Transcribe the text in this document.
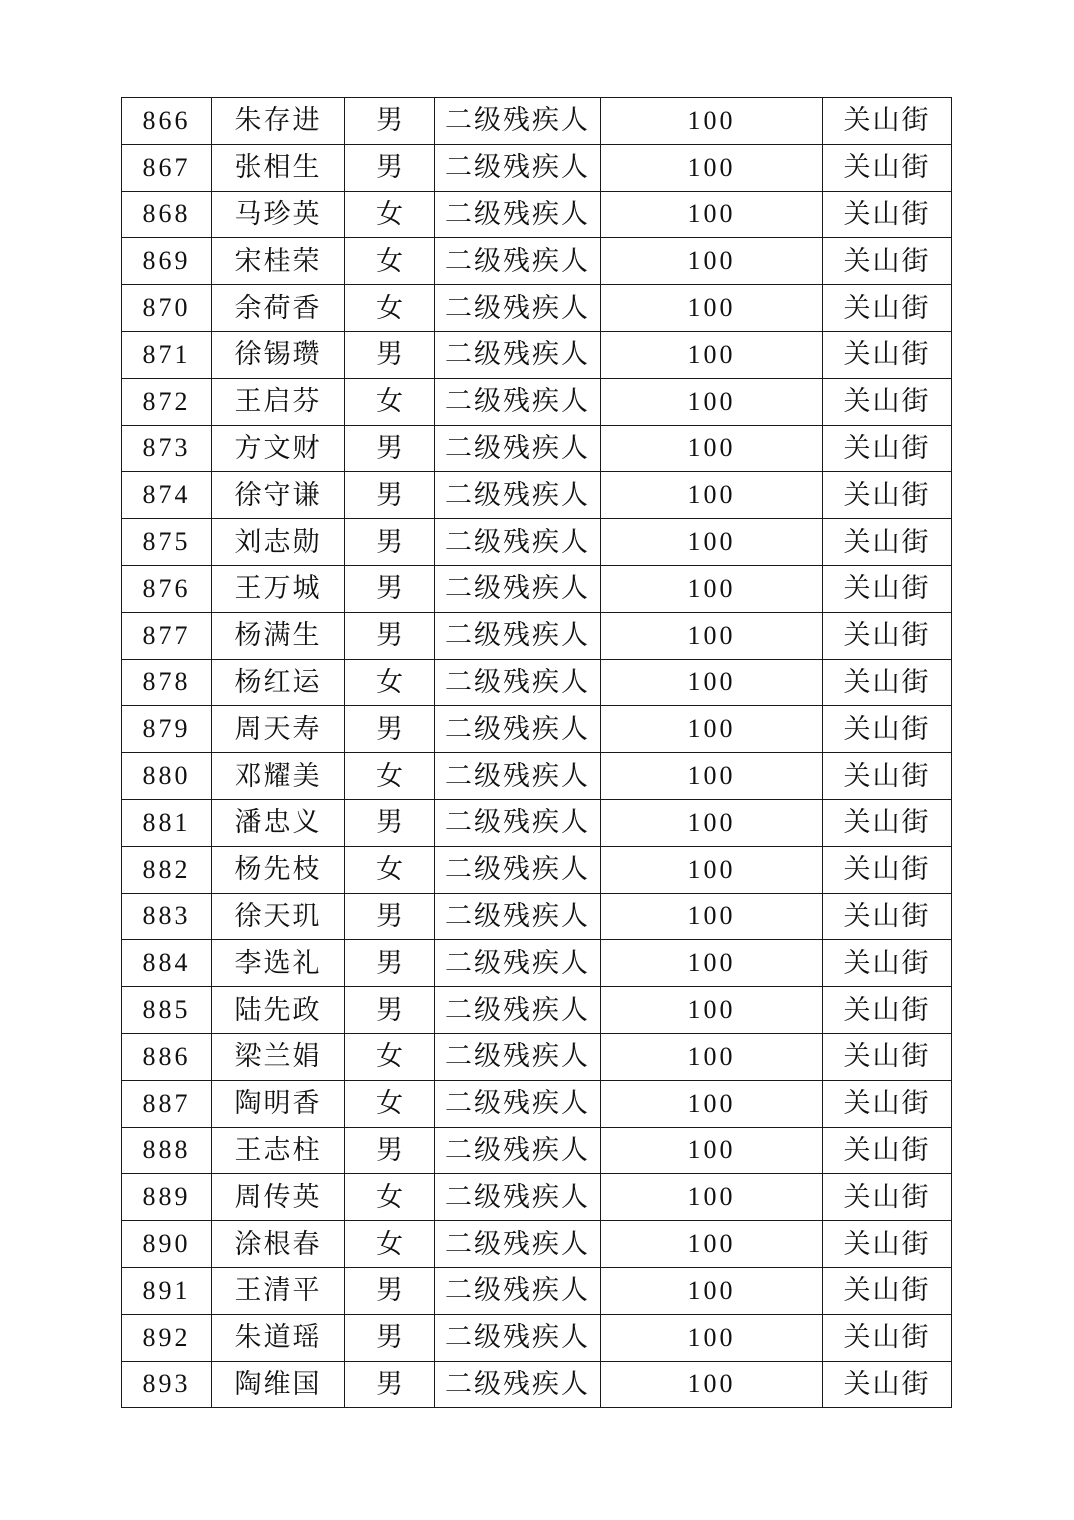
866	朱存进	男	二级残疾人	100	关山街
867	张相生	男	二级残疾人	100	关山街
868	马珍英	女	二级残疾人	100	关山街
869	宋桂荣	女	二级残疾人	100	关山街
870	余荷香	女	二级残疾人	100	关山街
871	徐锡瓒	男	二级残疾人	100	关山街
872	王启芬	女	二级残疾人	100	关山街
873	方文财	男	二级残疾人	100	关山街
874	徐守谦	男	二级残疾人	100	关山街
875	刘志勋	男	二级残疾人	100	关山街
876	王万城	男	二级残疾人	100	关山街
877	杨满生	男	二级残疾人	100	关山街
878	杨红运	女	二级残疾人	100	关山街
879	周天寿	男	二级残疾人	100	关山街
880	邓耀美	女	二级残疾人	100	关山街
881	潘忠义	男	二级残疾人	100	关山街
882	杨先枝	女	二级残疾人	100	关山街
883	徐天玑	男	二级残疾人	100	关山街
884	李选礼	男	二级残疾人	100	关山街
885	陆先政	男	二级残疾人	100	关山街
886	梁兰娟	女	二级残疾人	100	关山街
887	陶明香	女	二级残疾人	100	关山街
888	王志柱	男	二级残疾人	100	关山街
889	周传英	女	二级残疾人	100	关山街
890	涂根春	女	二级残疾人	100	关山街
891	王清平	男	二级残疾人	100	关山街
892	朱道瑶	男	二级残疾人	100	关山街
893	陶维国	男	二级残疾人	100	关山街
